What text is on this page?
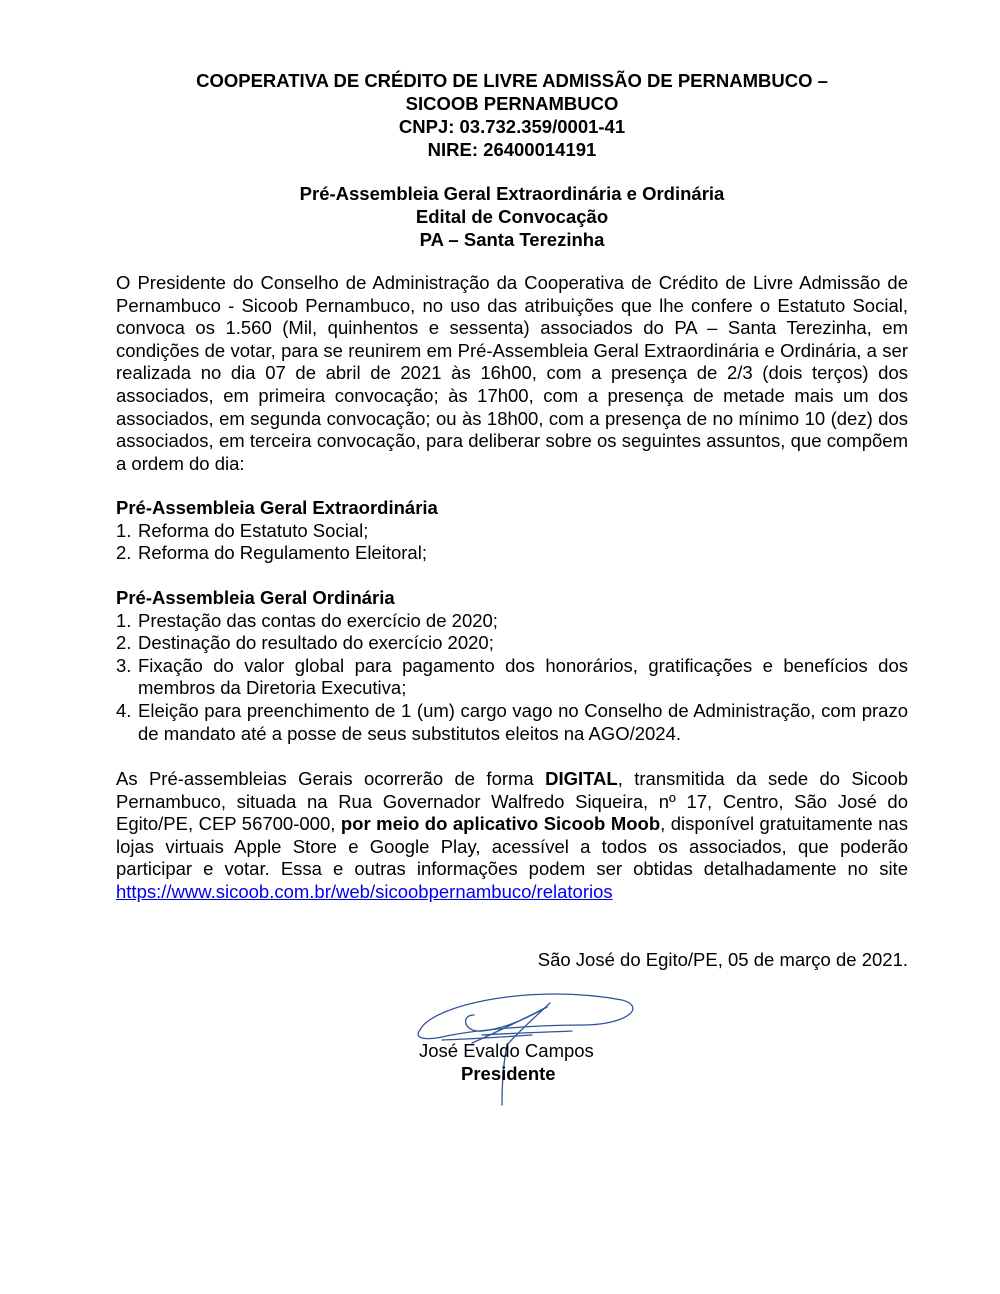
COOPERATIVA DE CRÉDITO DE LIVRE ADMISSÃO DE PERNAMBUCO –
SICOOB PERNAMBUCO
CNPJ: 03.732.359/0001-41
NIRE: 26400014191
Pré-Assembleia Geral Extraordinária e Ordinária
Edital de Convocação
PA – Santa Terezinha

O Presidente do Conselho de Administração da Cooperativa de Crédito de Livre Admissão de Pernambuco - Sicoob Pernambuco, no uso das atribuições que lhe confere o Estatuto Social, convoca os 1.560 (Mil, quinhentos e sessenta) associados do PA – Santa Terezinha, em condições de votar, para se reunirem em Pré-Assembleia Geral Extraordinária e Ordinária, a ser realizada no dia 07 de abril de 2021 às 16h00, com a presença de 2/3 (dois terços) dos associados, em primeira convocação; às 17h00, com a presença de metade mais um dos associados, em segunda convocação; ou às 18h00, com a presença de no mínimo 10 (dez) dos associados, em terceira convocação, para deliberar sobre os seguintes assuntos, que compõem a ordem do dia:

Pré-Assembleia Geral Extraordinária
1. Reforma do Estatuto Social;
2. Reforma do Regulamento Eleitoral;
Pré-Assembleia Geral Ordinária
1. Prestação das contas do exercício de 2020;
2. Destinação do resultado do exercício 2020;
3. Fixação do valor global para pagamento dos honorários, gratificações e benefícios dos membros da Diretoria Executiva;
4. Eleição para preenchimento de 1 (um) cargo vago no Conselho de Administração, com prazo de mandato até a posse de seus substitutos eleitos na AGO/2024.

As Pré-assembleias Gerais ocorrerão de forma DIGITAL, transmitida da sede do Sicoob Pernambuco, situada na Rua Governador Walfredo Siqueira, nº 17, Centro, São José do Egito/PE, CEP 56700-000, por meio do aplicativo Sicoob Moob, disponível gratuitamente nas lojas virtuais Apple Store e Google Play, acessível a todos os associados, que poderão participar e votar. Essa e outras informações podem ser obtidas detalhadamente no site https://www.sicoob.com.br/web/sicoobpernambuco/relatorios

São José do Egito/PE, 05 de março de 2021.
José Evaldo Campos
Presidente
